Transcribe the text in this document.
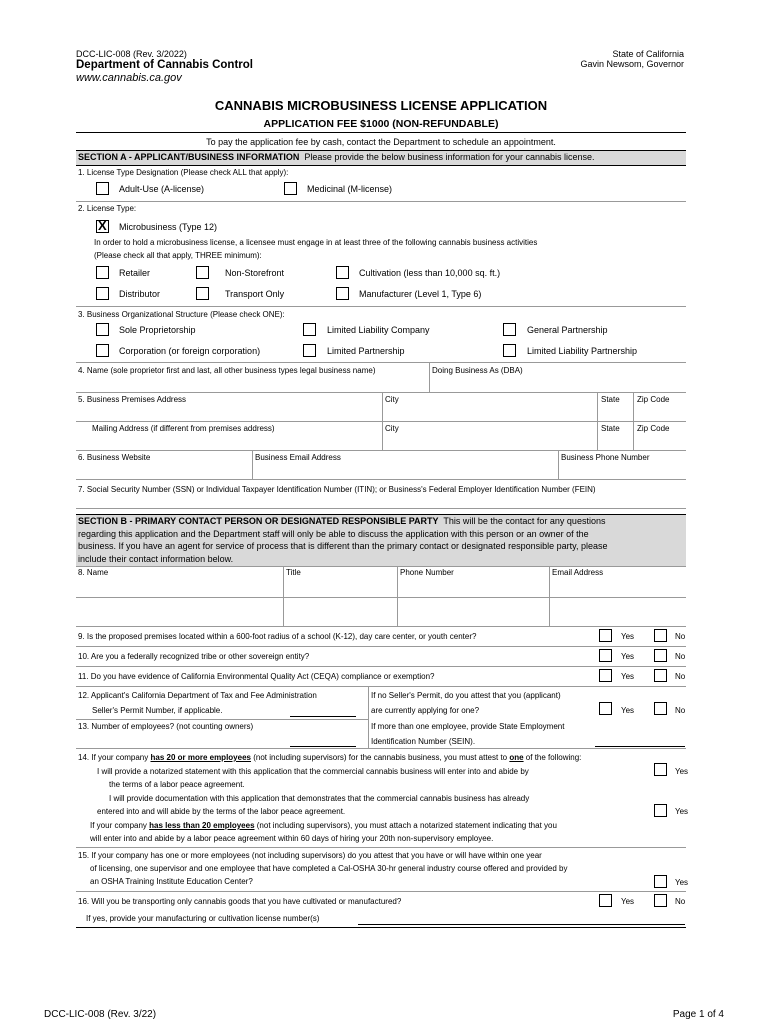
DCC-LIC-008 (Rev. 3/2022)
Department of Cannabis Control
www.cannabis.ca.gov
State of California
Gavin Newsom, Governor
CANNABIS MICROBUSINESS LICENSE APPLICATION
APPLICATION FEE $1000 (NON-REFUNDABLE)
To pay the application fee by cash, contact the Department to schedule an appointment.
SECTION A - APPLICANT/BUSINESS INFORMATION Please provide the below business information for your cannabis license.
1. License Type Designation (Please check ALL that apply):
Adult-Use (A-license)	Medicinal (M-license)
2. License Type:
X
Microbusiness (Type 12)
In order to hold a microbusiness license, a licensee must engage in at least three of the following cannabis business activities
(Please check all that apply, THREE minimum):
Retailer	Non-Storefront	Cultivation (less than 10,000 sq. ft.)
Distributor	Transport Only	Manufacturer (Level 1, Type 6)
3. Business Organizational Structure (Please check ONE):
Sole Proprietorship	Limited Liability Company	General Partnership
Corporation (or foreign corporation)	Limited Partnership	Limited Liability Partnership
4. Name (sole proprietor first and last, all other business types legal business name)	Doing Business As (DBA)
5. Business Premises Address	City	State Zip Code
Mailing Address (if different from premises address)	City	State Zip Code
6. Business Website	Business Email Address	Business Phone Number
7. Social Security Number (SSN) or Individual Taxpayer Identification Number (ITIN); or Business's Federal Employer Identification Number (FEIN)
SECTION B - PRIMARY CONTACT PERSON OR DESIGNATED RESPONSIBLE PARTY This will be the contact for any questions
regarding this application and the Department staff will only be able to discuss the application with this person or an owner of the
business. If you have an agent for service of process that is different than the primary contact or designated responsible party, please
include their contact information below.
8. Name	Title	Phone Number	Email Address
9. Is the proposed premises located within a 600-foot radius of a school (K-12), day care center, or youth center?	Yes	No
10. Are you a federally recognized tribe or other sovereign entity?	Yes	No
11. Do you have evidence of California Environmental Quality Act (CEQA) compliance or exemption?	Yes	No
12. Applicant's California Department of Tax and Fee Administration
Seller's Permit Number, if applicable.
If no Seller's Permit, do you attest that you (applicant)
are currently applying for one?	Yes	No
13. Number of employees? (not counting owners)	If more than one employee, provide State Employment
Identification Number (SEIN).
14. If your company has 20 or more employees (not including supervisors) for the cannabis business, you must attest to one of the following:
I will provide a notarized statement with this application that the commercial cannabis business will enter into and abide by
the terms of a labor peace agreement.
Yes
I will provide documentation with this application that demonstrates that the commercial cannabis business has already
entered into and will abide by the terms of the labor peace agreement.	Yes
If your company has less than 20 employees (not including supervisors), you must attach a notarized statement indicating that you
will enter into and abide by a labor peace agreement within 60 days of hiring your 20th non-supervisory employee.
15. If your company has one or more employees (not including supervisors) do you attest that you have or will have within one year
of licensing, one supervisor and one employee that have completed a Cal-OSHA 30-hr general industry course offered and provided by
an OSHA Training Institute Education Center?	Yes
16. Will you be transporting only cannabis goods that you have cultivated or manufactured?	Yes	No
If yes, provide your manufacturing or cultivation license number(s)
DCC-LIC-008 (Rev. 3/22)	Page 1 of 4
